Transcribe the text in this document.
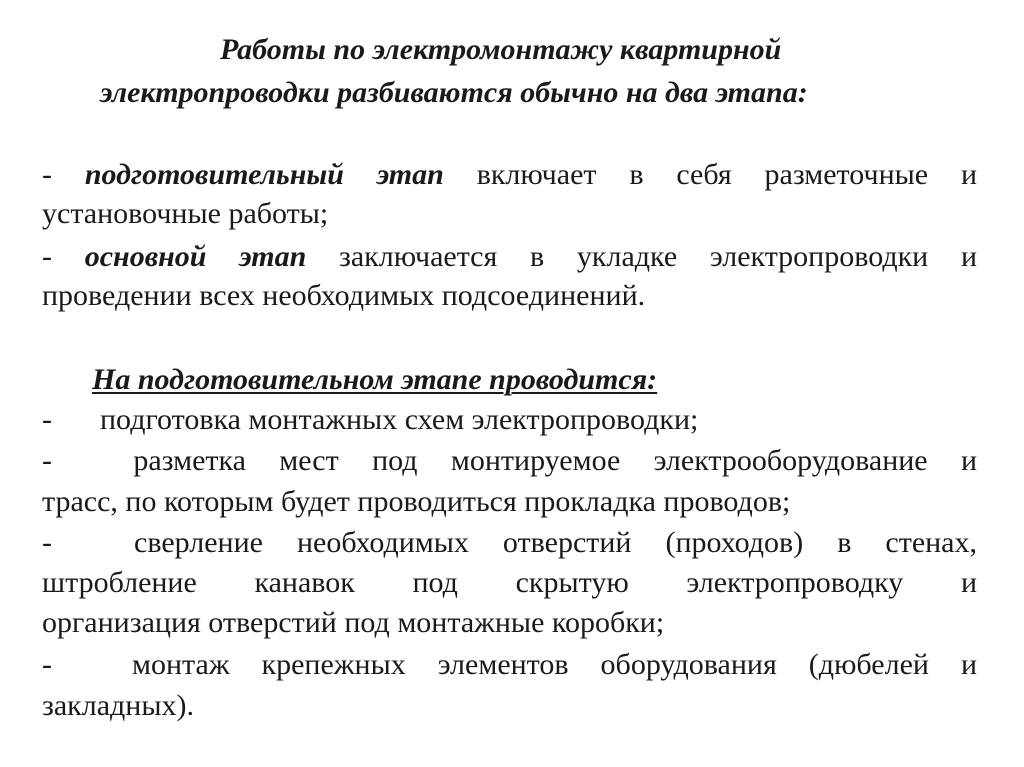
Работы по электромонтажу квартирной
электропроводки разбиваются обычно на два этапа:
- подготовительный этап включает в себя разметочные и
установочные работы;
- основной этап заключается в укладке электропроводки и
проведении всех необходимых подсоединений.
На подготовительном этапе проводится:
- подготовка монтажных схем электропроводки;
-	разметка мест под монтируемое электрооборудование и
трасс, по которым будет проводиться прокладка проводов;
-	сверление необходимых отверстий (проходов) в стенах,
штробление канавок под скрытую электропроводку и
организация отверстий под монтажные коробки;
-	монтаж крепежных элементов оборудования (дюбелей и
закладных).
